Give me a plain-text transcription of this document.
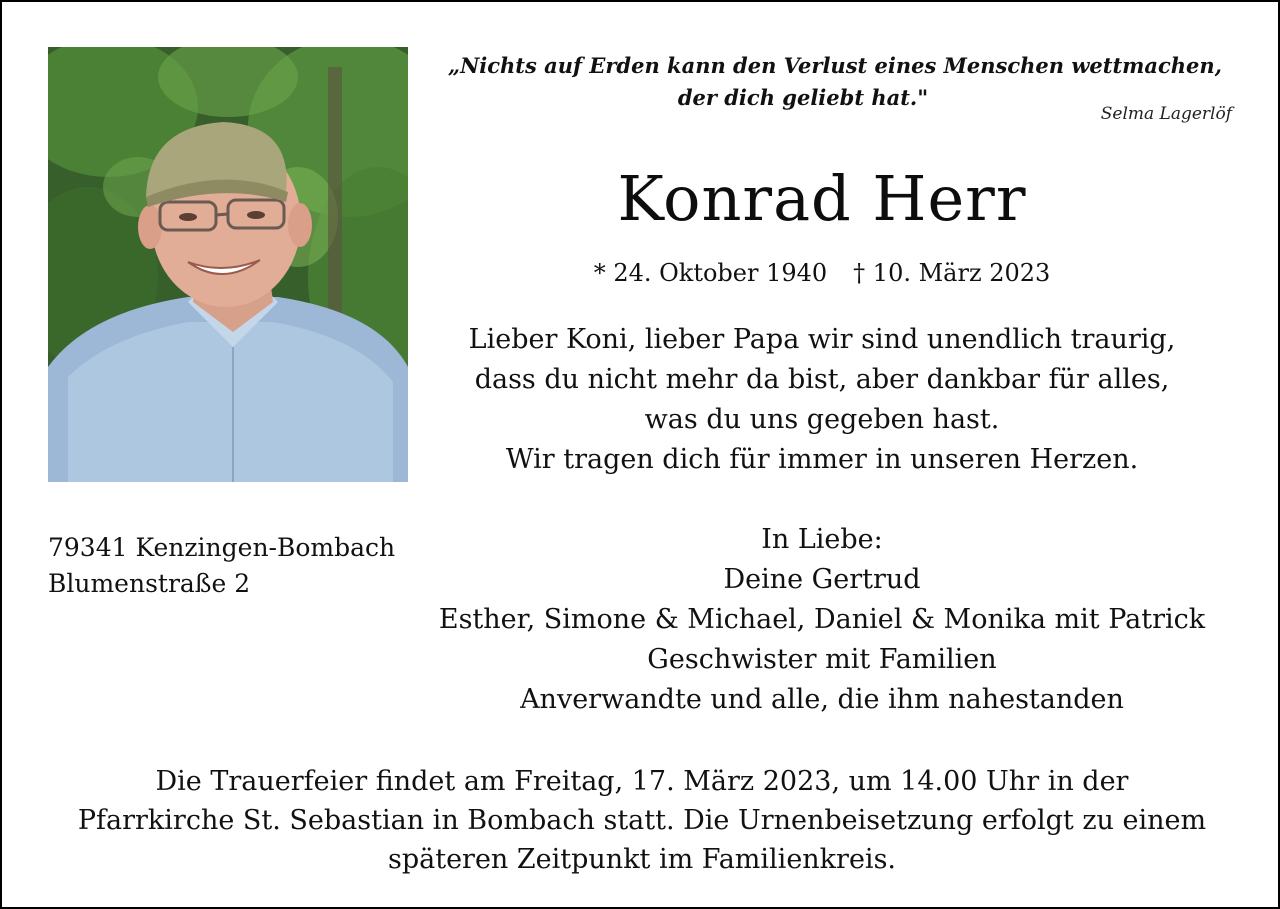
„Nichts auf Erden kann den Verlust eines Menschen wettmachen,
der dich geliebt hat."
Selma Lagerlöf
Konrad Herr
* 24. Oktober 1940 † 10. März 2023
Lieber Koni, lieber Papa wir sind unendlich traurig,
dass du nicht mehr da bist, aber dankbar für alles,
was du uns gegeben hast.
Wir tragen dich für immer in unseren Herzen.
79341 Kenzingen-Bombach
Blumenstraße 2
In Liebe:
Deine Gertrud
Esther, Simone & Michael, Daniel & Monika mit Patrick
Geschwister mit Familien
Anverwandte und alle, die ihm nahestanden
Die Trauerfeier findet am Freitag, 17. März 2023, um 14.00 Uhr in der
Pfarrkirche St. Sebastian in Bombach statt. Die Urnenbeisetzung erfolgt zu einem
späteren Zeitpunkt im Familienkreis.
